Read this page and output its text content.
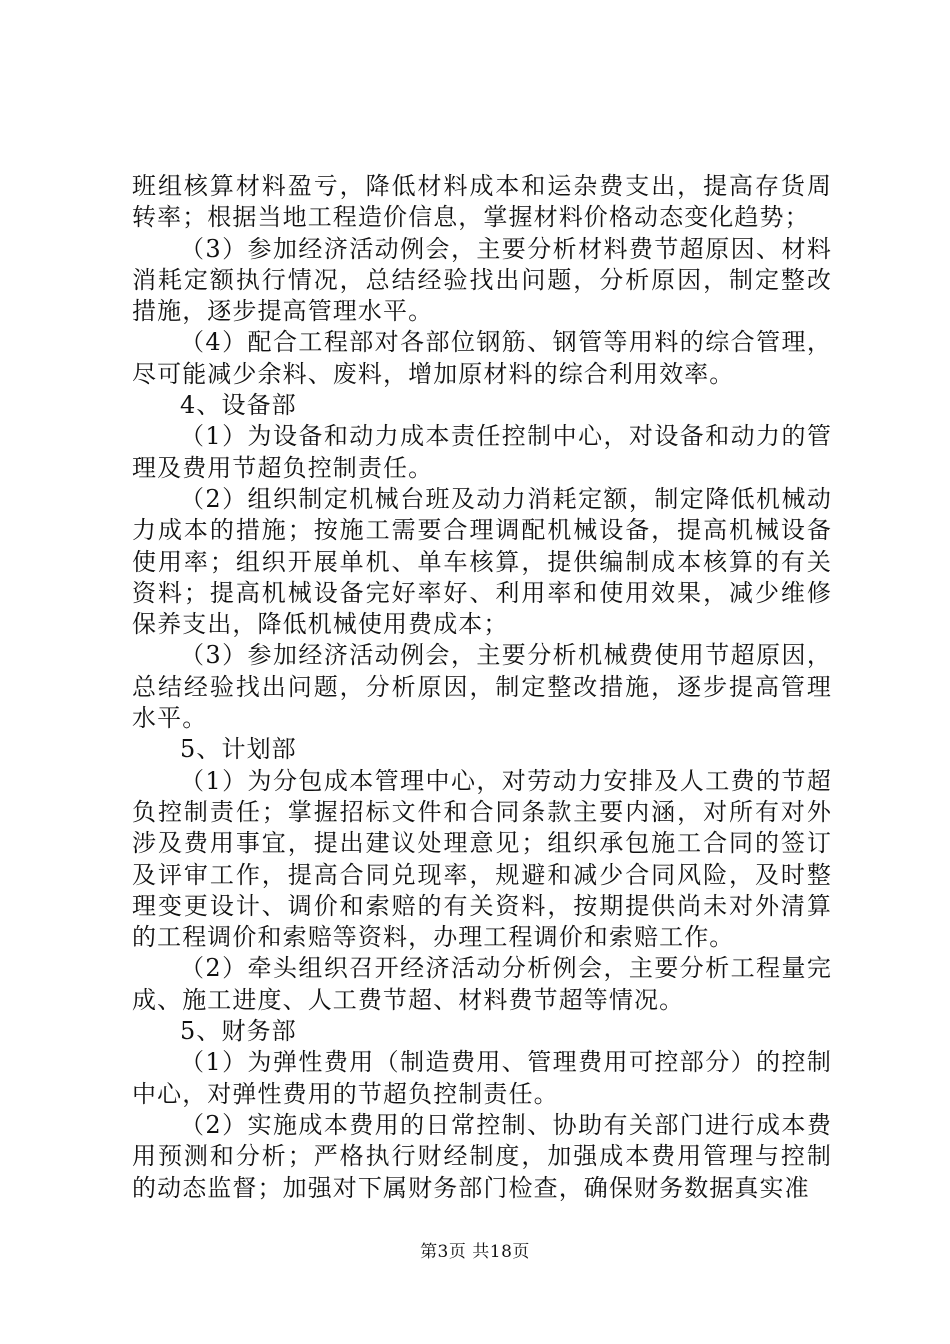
班组核算材料盈亏，降低材料成本和运杂费支出，提高存货周转率；根据当地工程造价信息，掌握材料价格动态变化趋势；

（3）参加经济活动例会，主要分析材料费节超原因、材料消耗定额执行情况，总结经验找出问题，分析原因，制定整改措施，逐步提高管理水平。

（4）配合工程部对各部位钢筋、钢管等用料的综合管理，尽可能减少余料、废料，增加原材料的综合利用效率。

4、设备部

（1）为设备和动力成本责任控制中心，对设备和动力的管理及费用节超负控制责任。

（2）组织制定机械台班及动力消耗定额，制定降低机械动力成本的措施；按施工需要合理调配机械设备，提高机械设备使用率；组织开展单机、单车核算，提供编制成本核算的有关资料；提高机械设备完好率好、利用率和使用效果，减少维修保养支出，降低机械使用费成本；

（3）参加经济活动例会，主要分析机械费使用节超原因，总结经验找出问题，分析原因，制定整改措施，逐步提高管理水平。

5、计划部

（1）为分包成本管理中心，对劳动力安排及人工费的节超负控制责任；掌握招标文件和合同条款主要内涵，对所有对外涉及费用事宜，提出建议处理意见；组织承包施工合同的签订及评审工作，提高合同兑现率，规避和减少合同风险，及时整理变更设计、调价和索赔的有关资料，按期提供尚未对外清算的工程调价和索赔等资料，办理工程调价和索赔工作。

（2）牵头组织召开经济活动分析例会，主要分析工程量完成、施工进度、人工费节超、材料费节超等情况。

5、财务部

（1）为弹性费用（制造费用、管理费用可控部分）的控制中心，对弹性费用的节超负控制责任。

（2）实施成本费用的日常控制、协助有关部门进行成本费用预测和分析；严格执行财经制度，加强成本费用管理与控制的动态监督；加强对下属财务部门检查，确保财务数据真实准

第3页 共18页
